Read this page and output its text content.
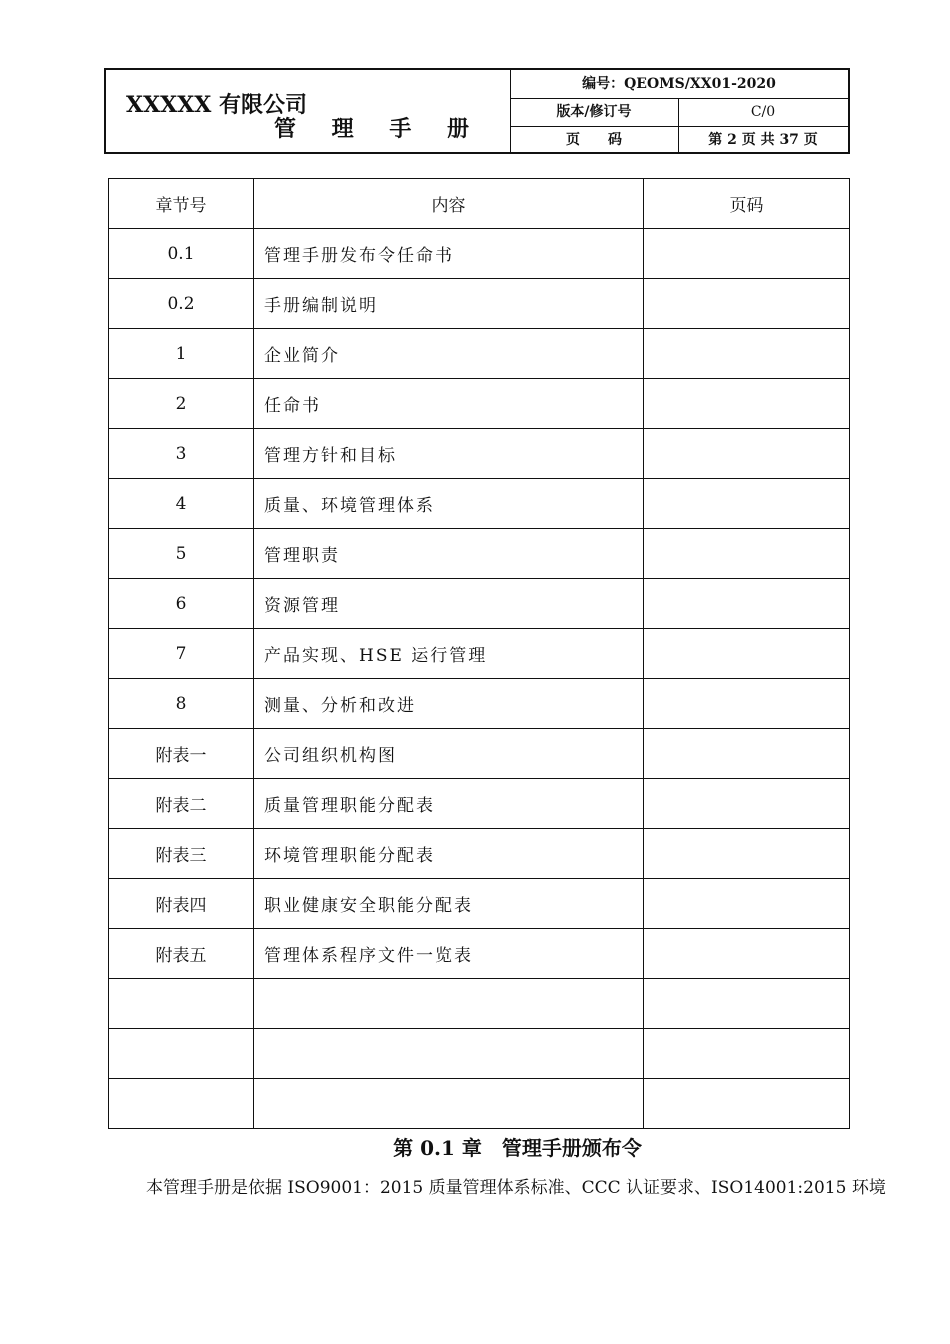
XXXXX 有限公司
管 理 手 册
编号：QEOMS/XX01-2020
版本/修订号	C/0
页　　码	第 2 页 共 37 页
章节号	内容	页码
0.1	管理手册发布令任命书	
0.2	手册编制说明	
1	企业简介	
2	任命书	
3	管理方针和目标	
4	质量、环境管理体系	
5	管理职责	
6	资源管理	
7	产品实现、HSE 运行管理	
8	测量、分析和改进	
附表一	公司组织机构图	
附表二	质量管理职能分配表	
附表三	环境管理职能分配表	
附表四	职业健康安全职能分配表	
附表五	管理体系程序文件一览表	

第 0.1 章　管理手册颁布令
本管理手册是依据 ISO9001：2015 质量管理体系标准、CCC 认证要求、ISO14001:2015 环境
